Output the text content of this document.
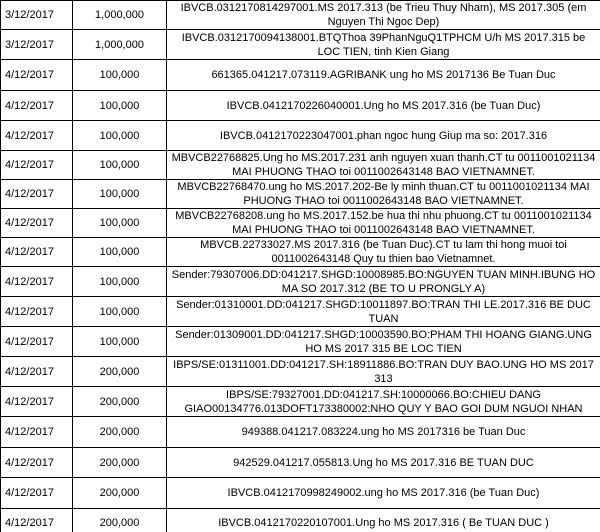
3/12/2017	1,000,000	IBVCB.0312170814297001.MS 2017.313 (be Trieu Thuy Nham), MS 2017.305 (em Nguyen Thi Ngoc Dep)
3/12/2017	1,000,000	IBVCB.0312170094138001.BTQThoa 39PhanNguQ1TPHCM U/h MS 2017.315 be LOC TIEN, tinh Kien Giang
4/12/2017	100,000	661365.041217.073119.AGRIBANK ung ho MS 2017136 Be Tuan Duc
4/12/2017	100,000	IBVCB.0412170226040001.Ung ho MS 2017.316 (be Tuan Duc)
4/12/2017	100,000	IBVCB.0412170223047001.phan ngoc hung Giup ma so: 2017.316
4/12/2017	100,000	MBVCB22768825.Ung ho MS.2017.231 anh nguyen xuan thanh.CT tu 0011001021134 MAI PHUONG THAO toi 0011002643148 BAO VIETNAMNET.
4/12/2017	100,000	MBVCB22768470.ung ho MS.2017.202-Be ly minh thuan.CT tu 0011001021134 MAI PHUONG THAO toi 0011002643148 BAO VIETNAMNET.
4/12/2017	100,000	MBVCB22768208.ung ho MS.2017.152.be hua thi nhu phuong.CT tu 0011001021134 MAI PHUONG THAO toi 0011002643148 BAO VIETNAMNET.
4/12/2017	100,000	MBVCB.22733027.MS 2017.316 (be Tuan Duc).CT tu lam thi hong muoi toi 0011002643148 Quy tu thien bao Vietnamnet.
4/12/2017	100,000	Sender:79307006.DD:041217.SHGD:10008985.BO:NGUYEN TUAN MINH.IBUNG HO MA SO 2017.312 (BE TO U PRONGLY A)
4/12/2017	100,000	Sender:01310001.DD:041217.SHGD:10011897.BO:TRAN THI LE.2017.316 BE DUC TUAN
4/12/2017	100,000	Sender:01309001.DD:041217.SHGD:10003590.BO:PHAM THI HOANG GIANG.UNG HO MS 2017 315 BE LOC TIEN
4/12/2017	200,000	IBPS/SE:01311001.DD:041217.SH:18911886.BO:TRAN DUY BAO.UNG HO MS 2017 313
4/12/2017	200,000	IBPS/SE:79327001.DD:041217.SH:10000066.BO:CHIEU DANG GIAO00134776.013DOFT173380002:NHO QUY Y BAO GOI DUM NGUOI NHAN
4/12/2017	200,000	949388.041217.083224.ung ho MS 2017316 be Tuan Duc
4/12/2017	200,000	942529.041217.055813.Ung ho MS 2017.316 BE TUAN DUC
4/12/2017	200,000	IBVCB.0412170998249002.ung ho MS 2017.316 (be Tuan Duc)
4/12/2017	200,000	IBVCB.0412170220107001.Ung ho MS 2017.316 ( Be TUAN DUC )
